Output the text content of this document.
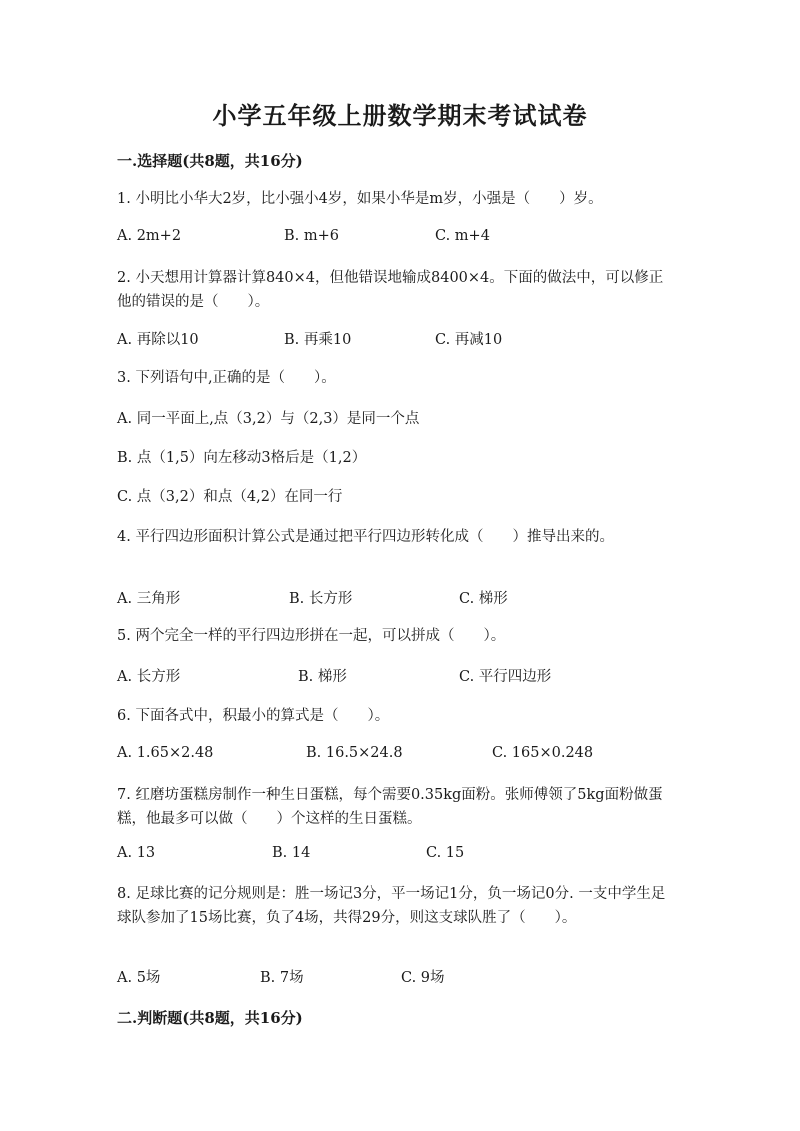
小学五年级上册数学期末考试试卷
一.选择题(共8题，共16分)
1. 小明比小华大2岁，比小强小4岁，如果小华是m岁，小强是（　　）岁。
A. 2m+2	B. m+6	C. m+4
2. 小天想用计算器计算840×4，但他错误地输成8400×4。下面的做法中，可以修正他的错误的是（　　）。
A. 再除以10	B. 再乘10	C. 再减10
3. 下列语句中,正确的是（　　）。
A. 同一平面上,点（3,2）与（2,3）是同一个点
B. 点（1,5）向左移动3格后是（1,2）
C. 点（3,2）和点（4,2）在同一行
4. 平行四边形面积计算公式是通过把平行四边形转化成（　　）推导出来的。
A. 三角形	B. 长方形	C. 梯形
5. 两个完全一样的平行四边形拼在一起，可以拼成（　　）。
A. 长方形	B. 梯形	C. 平行四边形
6. 下面各式中，积最小的算式是（　　）。
A. 1.65×2.48	B. 16.5×24.8	C. 165×0.248
7. 红磨坊蛋糕房制作一种生日蛋糕，每个需要0.35kg面粉。张师傅领了5kg面粉做蛋糕，他最多可以做（　　）个这样的生日蛋糕。
A. 13	B. 14	C. 15
8. 足球比赛的记分规则是：胜一场记3分，平一场记1分，负一场记0分. 一支中学生足球队参加了15场比赛，负了4场，共得29分，则这支球队胜了（　　）。
A. 5场	B. 7场	C. 9场
二.判断题(共8题，共16分)
